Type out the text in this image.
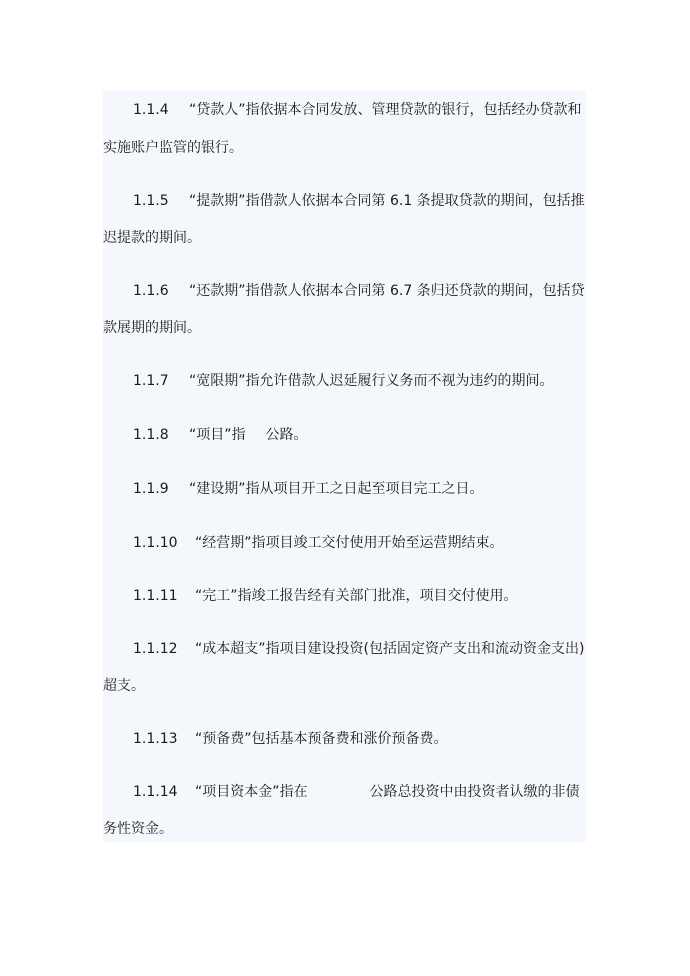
1.1.4 “贷款人”指依据本合同发放、管理贷款的银行，包括经办贷款和
实施账户监管的银行。
1.1.5 “提款期”指借款人依据本合同第 6.1 条提取贷款的期间，包括推
迟提款的期间。
1.1.6 “还款期”指借款人依据本合同第 6.7 条归还贷款的期间，包括贷
款展期的期间。
1.1.7 “宽限期”指允许借款人迟延履行义务而不视为违约的期间。
1.1.8 “项目”指 公路。
1.1.9 “建设期”指从项目开工之日起至项目完工之日。
1.1.10 “经营期”指项目竣工交付使用开始至运营期结束。
1.1.11 “完工”指竣工报告经有关部门批准，项目交付使用。
1.1.12 “成本超支”指项目建设投资(包括固定资产支出和流动资金支出)
超支。
1.1.13 “预备费”包括基本预备费和涨价预备费。
1.1.14 “项目资本金”指在	公路总投资中由投资者认缴的非债
务性资金。
